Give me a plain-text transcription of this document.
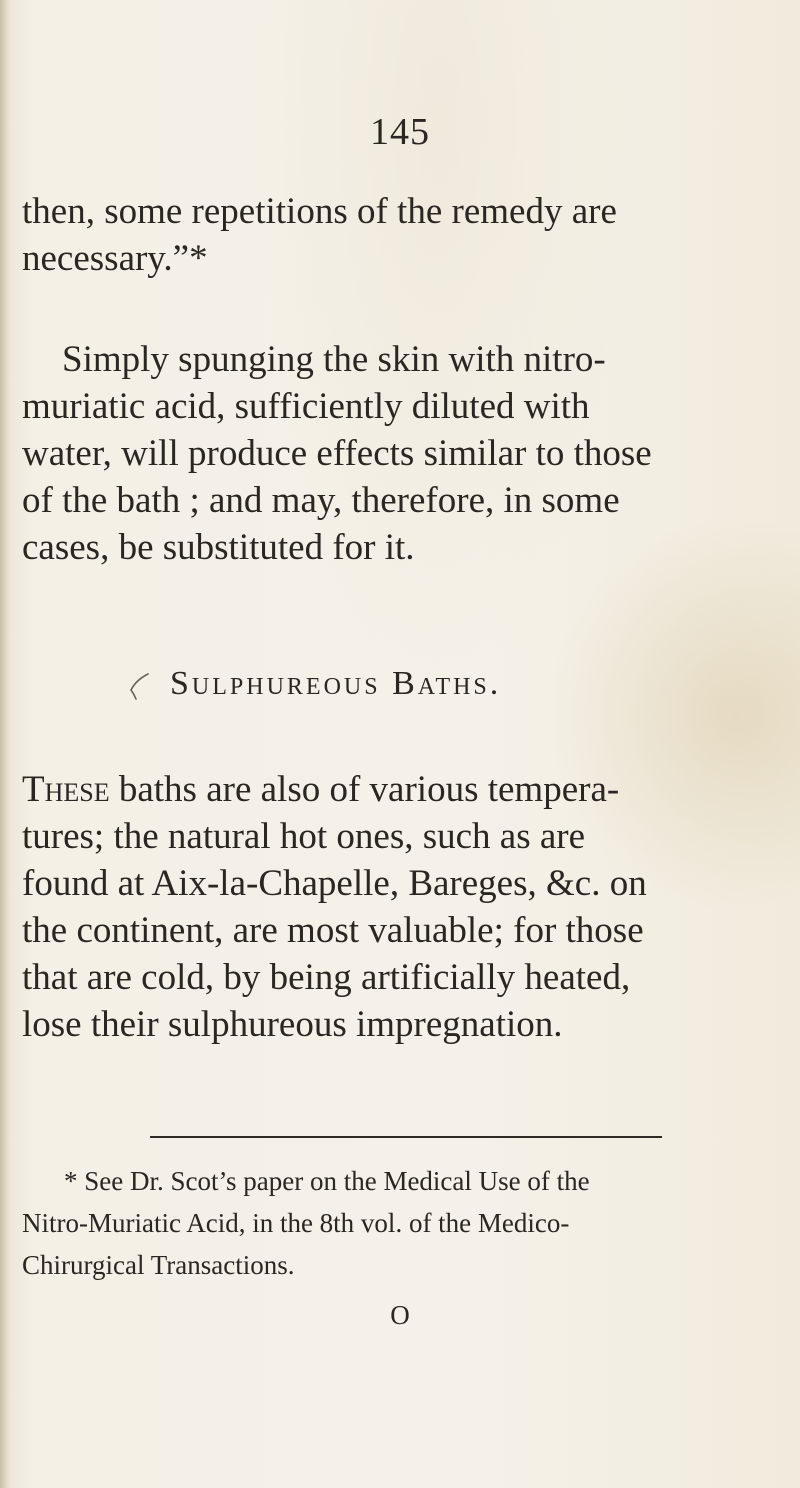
145
then, some repetitions of the remedy are
necessary.”*
Simply spunging the skin with nitro-
muriatic acid, sufficiently diluted with
water, will produce effects similar to those
of the bath ; and may, therefore, in some
cases, be substituted for it.
Sulphureous Baths.
These baths are also of various tempera-
tures; the natural hot ones, such as are
found at Aix-la-Chapelle, Bareges, &c. on
the continent, are most valuable; for those
that are cold, by being artificially heated,
lose their sulphureous impregnation.
* See Dr. Scot’s paper on the Medical Use of the
Nitro-Muriatic Acid, in the 8th vol. of the Medico-
Chirurgical Transactions.
O
